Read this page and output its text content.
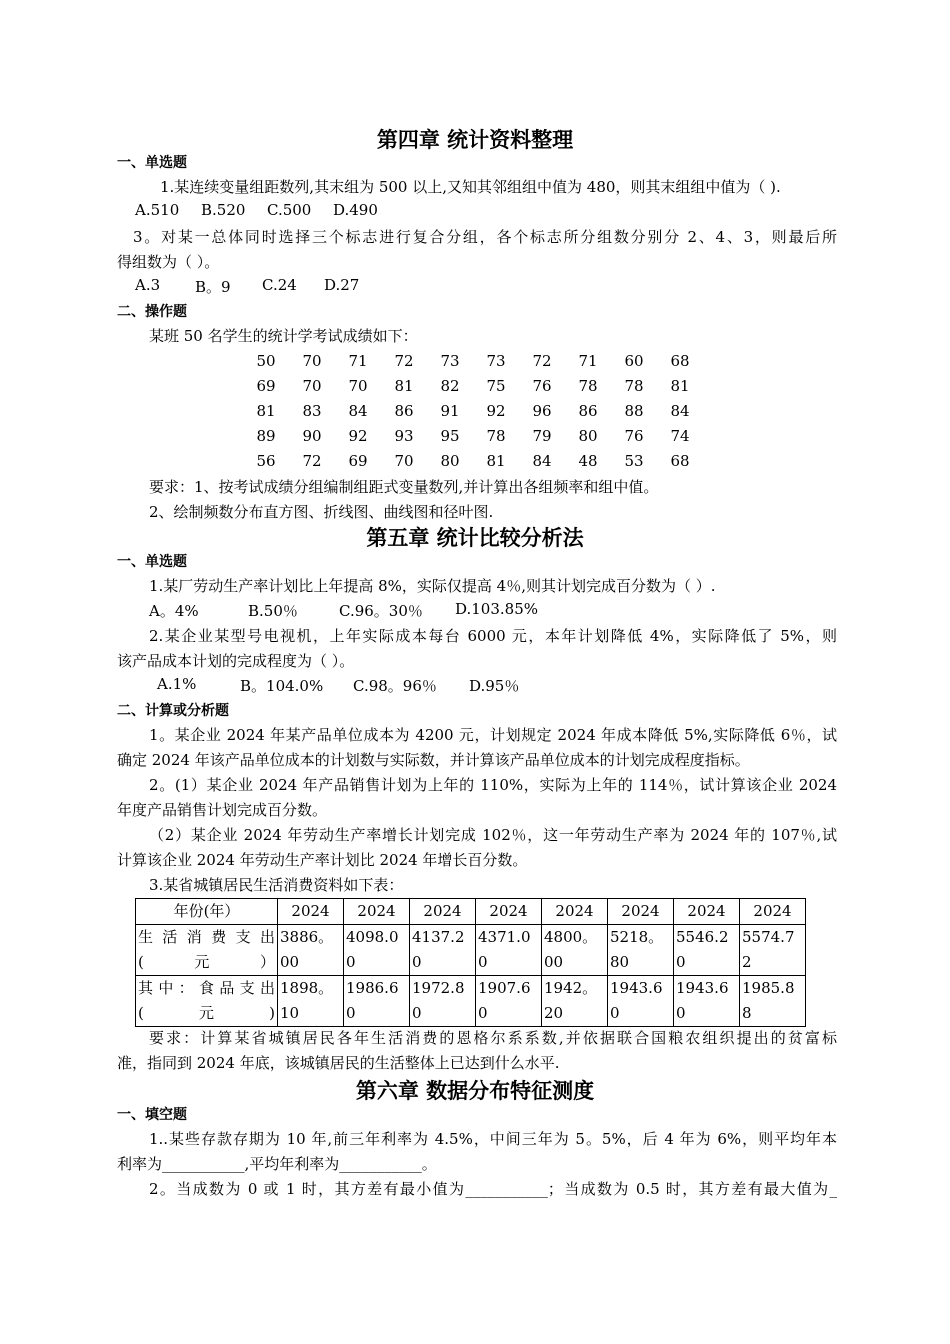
第四章 统计资料整理
一、单选题
1.某连续变量组距数列,其末组为 500 以上,又知其邻组组中值为 480，则其末组组中值为（ ).
A.510 B.520 C.500 D.490
3。对某一总体同时选择三个标志进行复合分组，各个标志所分组数分别分 2、4、3，则最后所
得组数为（ ）。
A.3 B。9 C.24 D.27
二、操作题
某班 50 名学生的统计学考试成绩如下：
50	70	71	72	73	73	72	71	60	68
69	70	70	81	82	75	76	78	78	81
81	83	84	86	91	92	96	86	88	84
89	90	92	93	95	78	79	80	76	74
56	72	69	70	80	81	84	48	53	68
要求：1、按考试成绩分组编制组距式变量数列,并计算出各组频率和组中值。
2、绘制频数分布直方图、折线图、曲线图和径叶图.
第五章 统计比较分析法
一、单选题
1.某厂劳动生产率计划比上年提高 8%，实际仅提高 4％,则其计划完成百分数为（ ）.
A。4%	B.50％	C.96。30％ D.103.85%
2.某企业某型号电视机，上年实际成本每台 6000 元，本年计划降低 4%，实际降低了 5%，则
该产品成本计划的完成程度为（ ）。
A.1%	B。104.0% C.98。96％ D.95％
二、计算或分析题
1。某企业 2024 年某产品单位成本为 4200 元，计划规定 2024 年成本降低 5%,实际降低 6％，试
确定 2024 年该产品单位成本的计划数与实际数，并计算该产品单位成本的计划完成程度指标。
2。(1）某企业 2024 年产品销售计划为上年的 110%，实际为上年的 114％，试计算该企业 2024
年度产品销售计划完成百分数。
（2）某企业 2024 年劳动生产率增长计划完成 102％，这一年劳动生产率为 2024 年的 107％,试
计算该企业 2024 年劳动生产率计划比 2024 年增长百分数。
3.某省城镇居民生活消费资料如下表：
年份(年）	2024	2024	2024	2024	2024	2024	2024	2024
生 活 消 费 支 出(元）	3886。00	4098.00	4137.20	4371.00	4800。00	5218。80	5546.20	5574.72
其 中 ： 食 品 支 出(元)	1898。10	1986.60	1972.80	1907.60	1942。20	1943.60	1943.60	1985.88
要求：计算某省城镇居民各年生活消费的恩格尔系系数,并依据联合国粮农组织提出的贫富标
准，指同到 2024 年底，该城镇居民的生活整体上已达到什么水平.
第六章 数据分布特征测度
一、填空题
1..某些存款存期为 10 年,前三年利率为 4.5%，中间三年为 5。5%，后 4 年为 6%，则平均年本
利率为___________,平均年利率为___________。
2。当成数为 0 或 1 时，其方差有最小值为___________；当成数为 0.5 时，其方差有最大值为_
